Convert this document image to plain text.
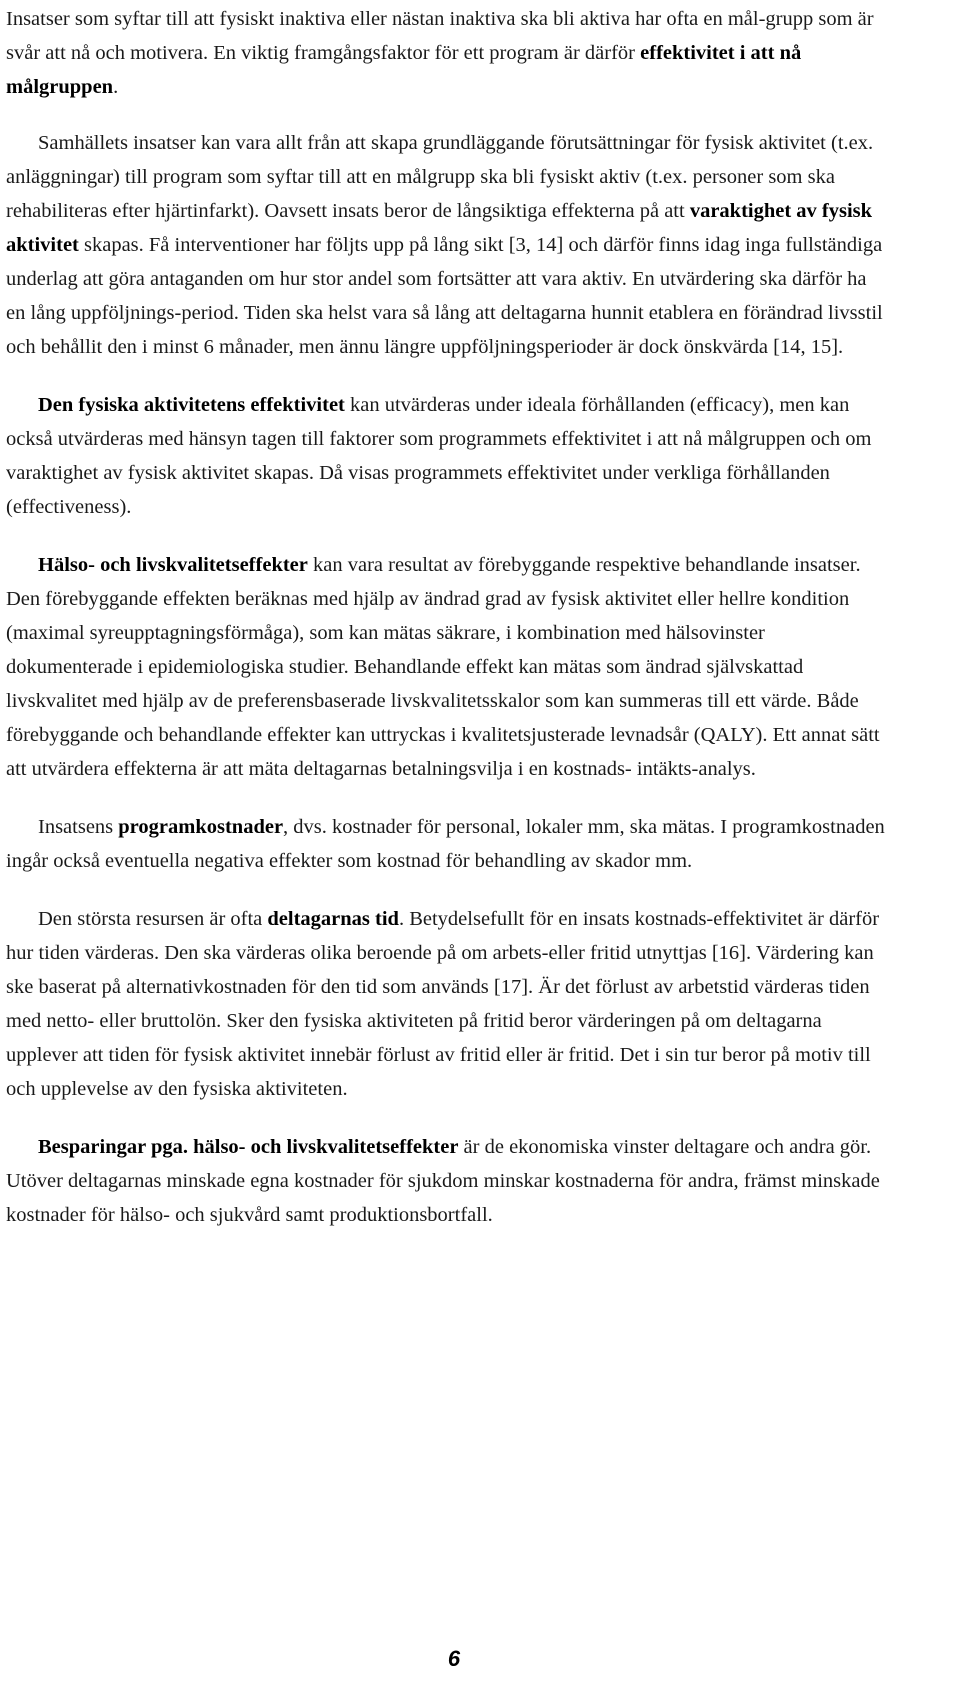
Insatser som syftar till att fysiskt inaktiva eller nästan inaktiva ska bli aktiva har ofta en mål-grupp som är svår att nå och motivera. En viktig framgångsfaktor för ett program är därför effektivitet i att nå målgruppen.

Samhällets insatser kan vara allt från att skapa grundläggande förutsättningar för fysisk aktivitet (t.ex. anläggningar) till program som syftar till att en målgrupp ska bli fysiskt aktiv (t.ex. personer som ska rehabiliteras efter hjärtinfarkt). Oavsett insats beror de långsiktiga effekterna på att varaktighet av fysisk aktivitet skapas. Få interventioner har följts upp på lång sikt [3, 14] och därför finns idag inga fullständiga underlag att göra antaganden om hur stor andel som fortsätter att vara aktiv. En utvärdering ska därför ha en lång uppföljnings-period. Tiden ska helst vara så lång att deltagarna hunnit etablera en förändrad livsstil och behållit den i minst 6 månader, men ännu längre uppföljningsperioder är dock önskvärda [14, 15].

Den fysiska aktivitetens effektivitet kan utvärderas under ideala förhållanden (efficacy), men kan också utvärderas med hänsyn tagen till faktorer som programmets effektivitet i att nå målgruppen och om varaktighet av fysisk aktivitet skapas. Då visas programmets effektivitet under verkliga förhållanden (effectiveness).

Hälso- och livskvalitetseffekter kan vara resultat av förebyggande respektive behandlande insatser. Den förebyggande effekten beräknas med hjälp av ändrad grad av fysisk aktivitet eller hellre kondition (maximal syreupptagningsförmåga), som kan mätas säkrare, i kombination med hälsovinster dokumenterade i epidemiologiska studier. Behandlande effekt kan mätas som ändrad självskattad livskvalitet med hjälp av de preferensbaserade livskvalitetsskalor som kan summeras till ett värde. Både förebyggande och behandlande effekter kan uttryckas i kvalitetsjusterade levnadsår (QALY). Ett annat sätt att utvärdera effekterna är att mäta deltagarnas betalningsvilja i en kostnads- intäkts-analys.

Insatsens programkostnader, dvs. kostnader för personal, lokaler mm, ska mätas. I programkostnaden ingår också eventuella negativa effekter som kostnad för behandling av skador mm.

Den största resursen är ofta deltagarnas tid. Betydelsefullt för en insats kostnads-effektivitet är därför hur tiden värderas. Den ska värderas olika beroende på om arbets-eller fritid utnyttjas [16]. Värdering kan ske baserat på alternativkostnaden för den tid som används [17]. Är det förlust av arbetstid värderas tiden med netto- eller bruttolön. Sker den fysiska aktiviteten på fritid beror värderingen på om deltagarna upplever att tiden för fysisk aktivitet innebär förlust av fritid eller är fritid. Det i sin tur beror på motiv till och upplevelse av den fysiska aktiviteten.

Besparingar pga. hälso- och livskvalitetseffekter är de ekonomiska vinster deltagare och andra gör. Utöver deltagarnas minskade egna kostnader för sjukdom minskar kostnaderna för andra, främst minskade kostnader för hälso- och sjukvård samt produktionsbortfall.

6
